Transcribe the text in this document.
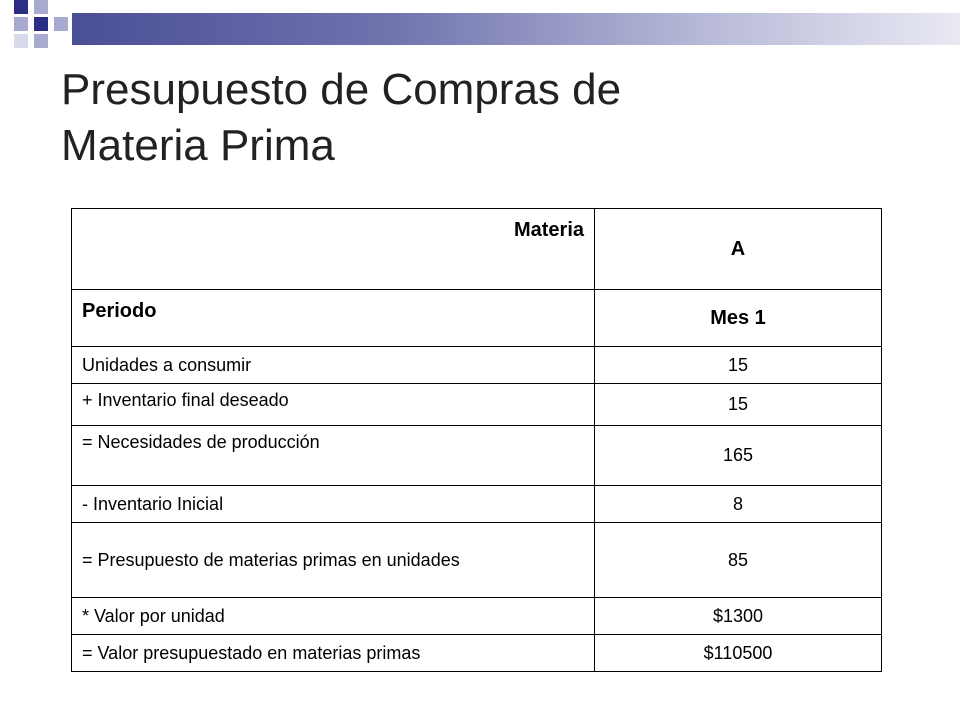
Presupuesto de Compras de
Materia Prima
Materia	A
Periodo	Mes 1
Unidades a consumir	15
+ Inventario final deseado	15
= Necesidades de producción	165
- Inventario Inicial	8
= Presupuesto de materias primas en unidades	85
* Valor por unidad	$1300
= Valor presupuestado en materias primas	$110500
